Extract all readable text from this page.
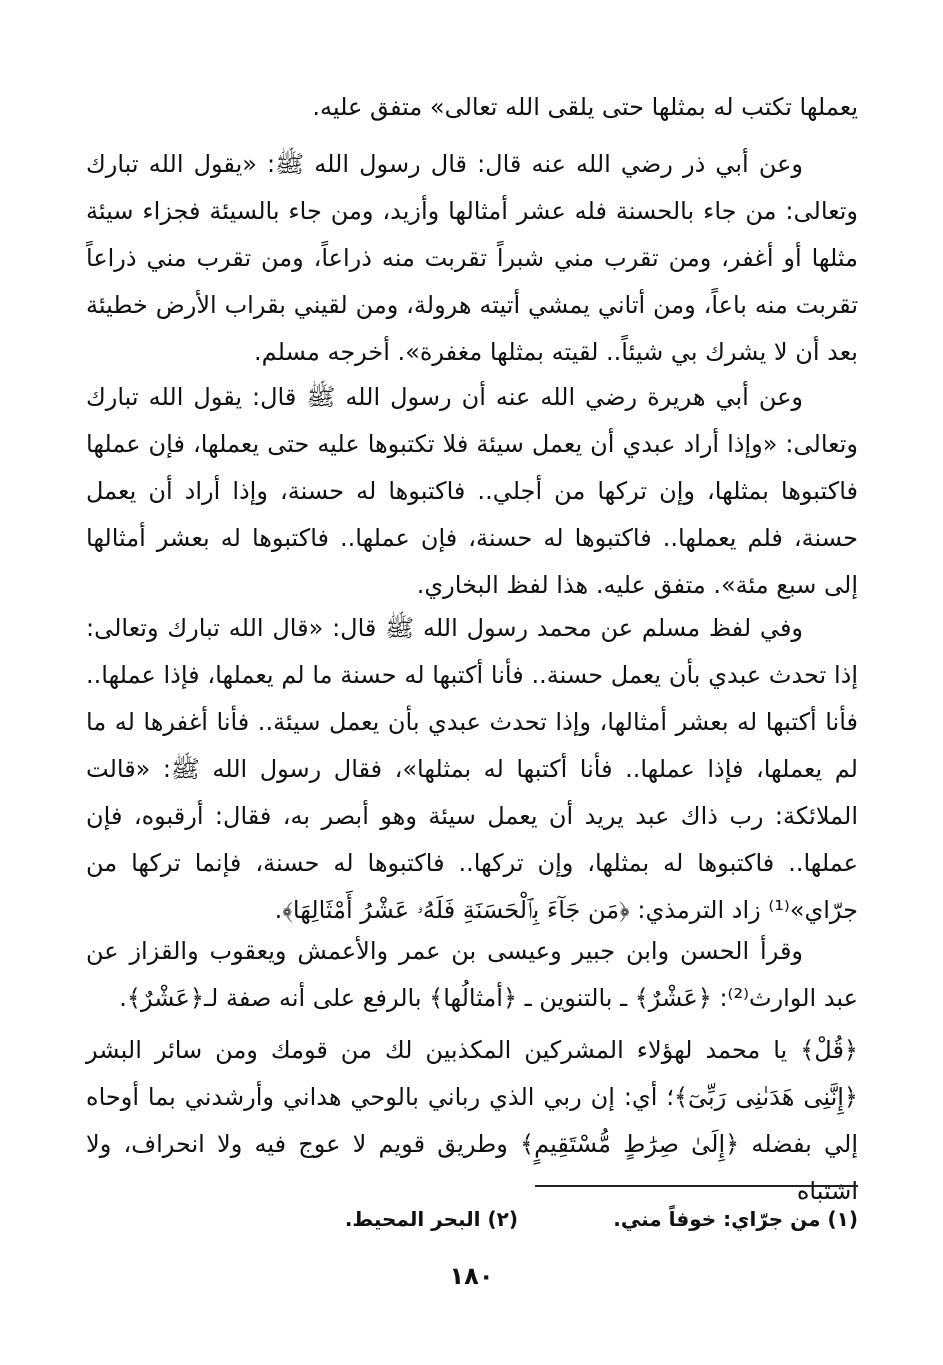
يعملها تكتب له بمثلها حتى يلقى الله تعالى» متفق عليه.

وعن أبي ذر رضي الله عنه قال: قال رسول الله ﷺ: «يقول الله تبارك وتعالى: من جاء بالحسنة فله عشر أمثالها وأزيد، ومن جاء بالسيئة فجزاء سيئة مثلها أو أغفر، ومن تقرب مني شبراً تقربت منه ذراعاً، ومن تقرب مني ذراعاً تقربت منه باعاً، ومن أتاني يمشي أتيته هرولة، ومن لقيني بقراب الأرض خطيئة بعد أن لا يشرك بي شيئاً.. لقيته بمثلها مغفرة». أخرجه مسلم.

وعن أبي هريرة رضي الله عنه أن رسول الله ﷺ قال: يقول الله تبارك وتعالى: «وإذا أراد عبدي أن يعمل سيئة فلا تكتبوها عليه حتى يعملها، فإن عملها فاكتبوها بمثلها، وإن تركها من أجلي.. فاكتبوها له حسنة، وإذا أراد أن يعمل حسنة، فلم يعملها.. فاكتبوها له حسنة، فإن عملها.. فاكتبوها له بعشر أمثالها إلى سبع مئة». متفق عليه. هذا لفظ البخاري.

وفي لفظ مسلم عن محمد رسول الله ﷺ قال: «قال الله تبارك وتعالى: إذا تحدث عبدي بأن يعمل حسنة.. فأنا أكتبها له حسنة ما لم يعملها، فإذا عملها.. فأنا أكتبها له بعشر أمثالها، وإذا تحدث عبدي بأن يعمل سيئة.. فأنا أغفرها له ما لم يعملها، فإذا عملها.. فأنا أكتبها له بمثلها»، فقال رسول الله ﷺ: «قالت الملائكة: رب ذاك عبد يريد أن يعمل سيئة وهو أبصر به، فقال: أرقبوه، فإن عملها.. فاكتبوها له بمثلها، وإن تركها.. فاكتبوها له حسنة، فإنما تركها من جرّاي»⁽¹⁾ زاد الترمذي: ﴿مَن جَآءَ بِٱلْحَسَنَةِ فَلَهُۥ عَشْرُ أَمْثَالِهَا﴾.

وقرأ الحسن وابن جبير وعيسى بن عمر والأعمش ويعقوب والقزاز عن عبد الوارث⁽²⁾: ﴿عَشْرٌ﴾ ـ بالتنوين ـ ﴿أمثالُها﴾ بالرفع على أنه صفة لـ﴿عَشْرٌ﴾.

﴿قُلْ﴾ يا محمد لهؤلاء المشركين المكذبين لك من قومك ومن سائر البشر ﴿إِنَّنِى هَدَىٰنِى رَبِّىٓ﴾؛ أي: إن ربي الذي رباني بالوحي هداني وأرشدني بما أوحاه إلي بفضله ﴿إِلَىٰ صِرَٰطٍ مُّسْتَقِيمٍ﴾ وطريق قويم لا عوج فيه ولا انحراف، ولا اشتباه

(١) من جرّاي: خوفاً مني.
(٢) البحر المحيط.
١٨٠
